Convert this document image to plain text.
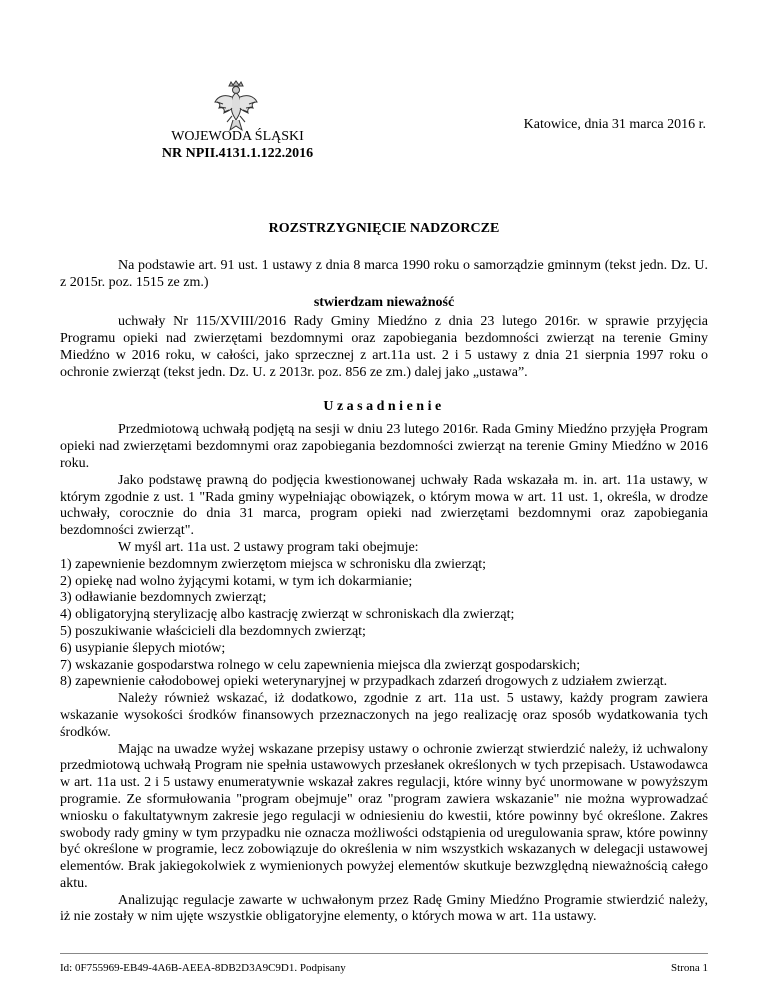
WOJEWODA ŚLĄSKI
NR NPII.4131.1.122.2016
Katowice, dnia 31 marca 2016 r.
ROZSTRZYGNIĘCIE NADZORCZE

Na podstawie art. 91 ust. 1 ustawy z dnia 8 marca 1990 roku o samorządzie gminnym (tekst jedn. Dz. U. z 2015r. poz. 1515 ze zm.)

stwierdzam nieważność

uchwały Nr 115/XVIII/2016 Rady Gminy Miedźno z dnia 23 lutego 2016r. w sprawie przyjęcia Programu opieki nad zwierzętami bezdomnymi oraz zapobiegania bezdomności zwierząt na terenie Gminy Miedźno w 2016 roku, w całości, jako sprzecznej z art.11a ust. 2 i 5 ustawy z dnia 21 sierpnia 1997 roku o ochronie zwierząt (tekst jedn. Dz. U. z 2013r. poz. 856 ze zm.) dalej jako „ustawa”.

Uzasadnienie

Przedmiotową uchwałą podjętą na sesji w dniu 23 lutego 2016r. Rada Gminy Miedźno przyjęła Program opieki nad zwierzętami bezdomnymi oraz zapobiegania bezdomności zwierząt na terenie Gminy Miedźno w 2016 roku.

Jako podstawę prawną do podjęcia kwestionowanej uchwały Rada wskazała m. in. art. 11a ustawy, w którym zgodnie z ust. 1 "Rada gminy wypełniając obowiązek, o którym mowa w art. 11 ust. 1, określa, w drodze uchwały, corocznie do dnia 31 marca, program opieki nad zwierzętami bezdomnymi oraz zapobiegania bezdomności zwierząt".

W myśl art. 11a ust. 2 ustawy program taki obejmuje:

1) zapewnienie bezdomnym zwierzętom miejsca w schronisku dla zwierząt;
2) opiekę nad wolno żyjącymi kotami, w tym ich dokarmianie;
3) odławianie bezdomnych zwierząt;
4) obligatoryjną sterylizację albo kastrację zwierząt w schroniskach dla zwierząt;
5) poszukiwanie właścicieli dla bezdomnych zwierząt;
6) usypianie ślepych miotów;
7) wskazanie gospodarstwa rolnego w celu zapewnienia miejsca dla zwierząt gospodarskich;
8) zapewnienie całodobowej opieki weterynaryjnej w przypadkach zdarzeń drogowych z udziałem zwierząt.

Należy również wskazać, iż dodatkowo, zgodnie z art. 11a ust. 5 ustawy, każdy program zawiera wskazanie wysokości środków finansowych przeznaczonych na jego realizację oraz sposób wydatkowania tych środków.

Mając na uwadze wyżej wskazane przepisy ustawy o ochronie zwierząt stwierdzić należy, iż uchwalony przedmiotową uchwałą Program nie spełnia ustawowych przesłanek określonych w tych przepisach. Ustawodawca w art. 11a ust. 2 i 5 ustawy enumeratywnie wskazał zakres regulacji, które winny być unormowane w powyższym programie. Ze sformułowania "program obejmuje" oraz "program zawiera wskazanie" nie można wyprowadzać wniosku o fakultatywnym zakresie jego regulacji w odniesieniu do kwestii, które powinny być określone. Zakres swobody rady gminy w tym przypadku nie oznacza możliwości odstąpienia od uregulowania spraw, które powinny być określone w programie, lecz zobowiązuje do określenia w nim wszystkich wskazanych w delegacji ustawowej elementów. Brak jakiegokolwiek z wymienionych powyżej elementów skutkuje bezwzględną nieważnością całego aktu.

Analizując regulacje zawarte w uchwałonym przez Radę Gminy Miedźno Programie stwierdzić należy, iż nie zostały w nim ujęte wszystkie obligatoryjne elementy, o których mowa w art. 11a ustawy.

Id: 0F755969-EB49-4A6B-AEEA-8DB2D3A9C9D1. Podpisany	Strona 1
